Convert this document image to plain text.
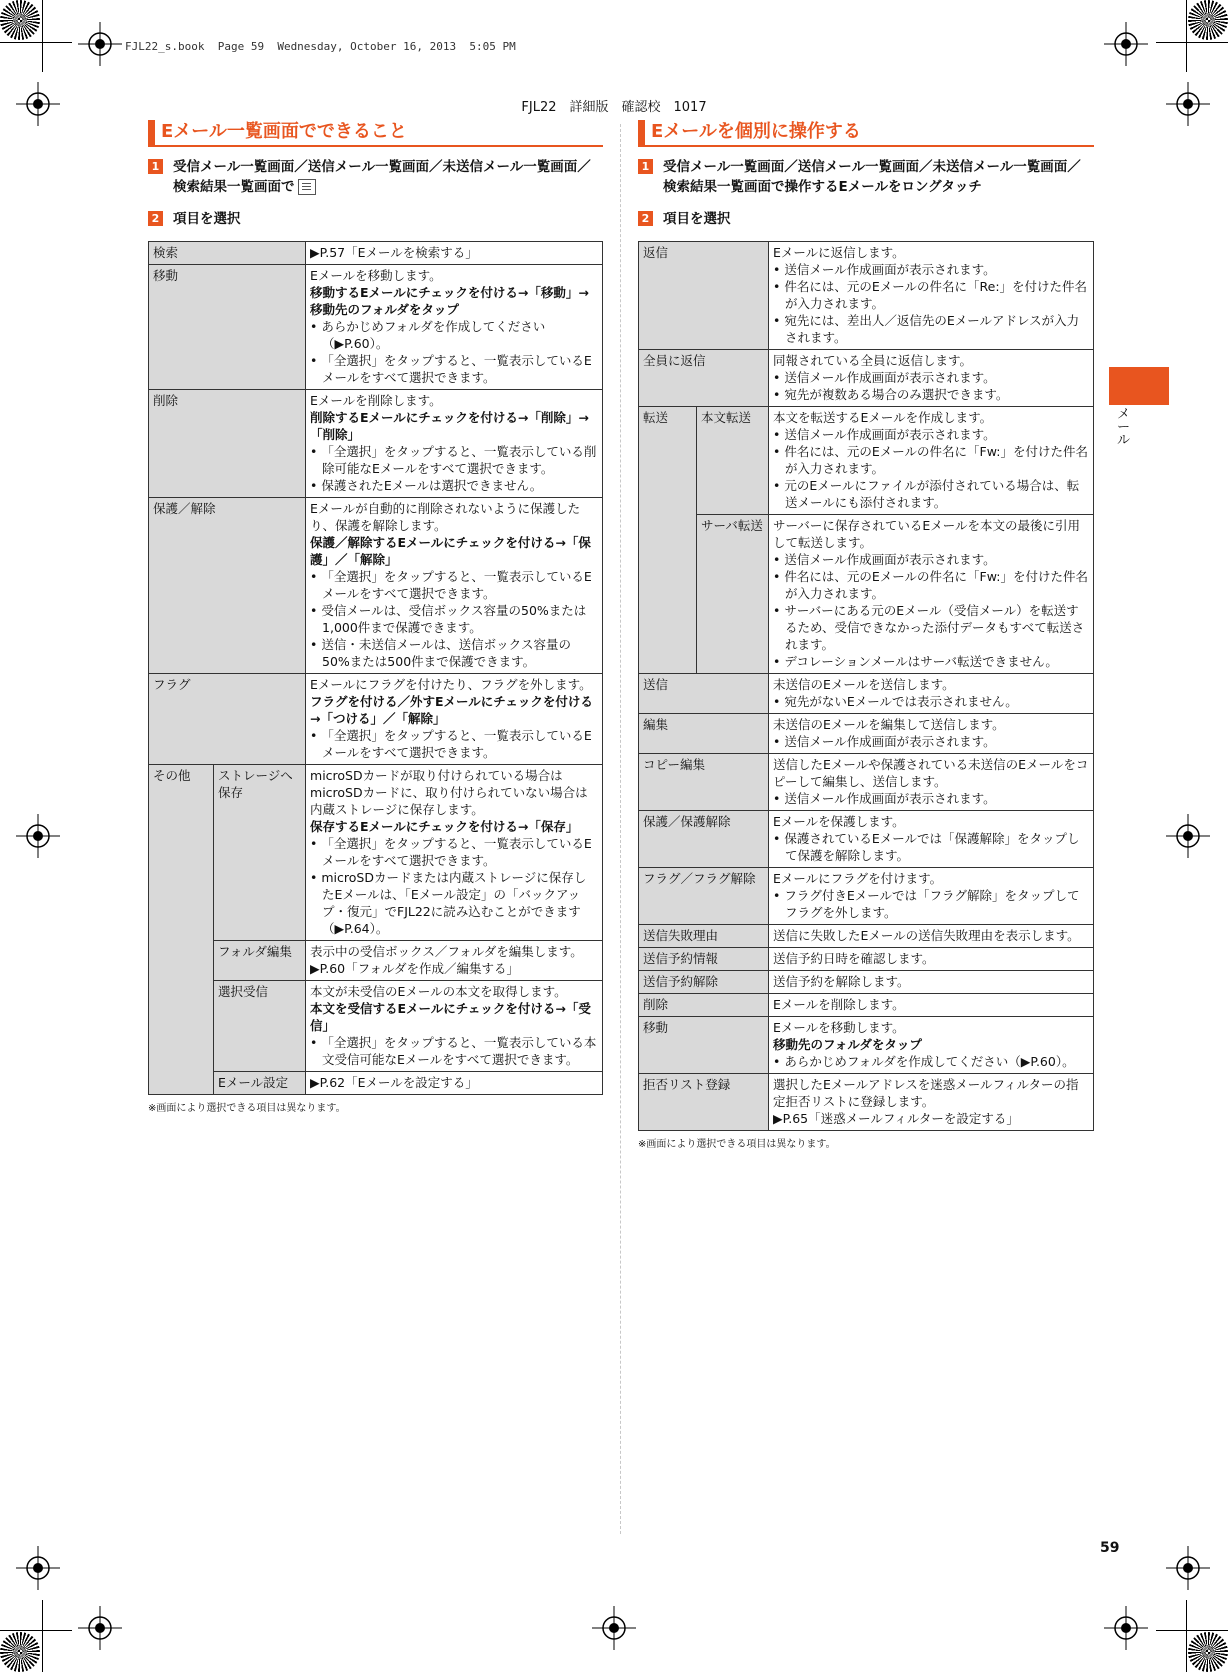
FJL22_s.book  Page 59  Wednesday, October 16, 2013  5:05 PM
FJL22　詳細版　確認校　1017
Eメール一覧画面でできること
1 受信メール一覧画面／送信メール一覧画面／未送信メール一覧画面／検索結果一覧画面で
2 項目を選択
検索		▶P.57「Eメールを検索する」
移動		Eメールを移動します。
移動するEメールにチェックを付ける→「移動」→移動先のフォルダをタップ
• あらかじめフォルダを作成してください（▶P.60）。
• 「全選択」をタップすると、一覧表示しているEメールをすべて選択できます。

削除		Eメールを削除します。
削除するEメールにチェックを付ける→「削除」→「削除」
• 「全選択」をタップすると、一覧表示している削除可能なEメールをすべて選択できます。
• 保護されたEメールは選択できません。

保護／解除		Eメールが自動的に削除されないように保護したり、保護を解除します。
保護／解除するEメールにチェックを付ける→「保護」／「解除」
• 「全選択」をタップすると、一覧表示しているEメールをすべて選択できます。
• 受信メールは、受信ボックス容量の50%または1,000件まで保護できます。
• 送信・未送信メールは、送信ボックス容量の50%または500件まで保護できます。

フラグ		Eメールにフラグを付けたり、フラグを外します。
フラグを付ける／外すEメールにチェックを付ける→「つける」／「解除」
• 「全選択」をタップすると、一覧表示しているEメールをすべて選択できます。

その他	ストレージへ保存	microSDカードが取り付けられている場合はmicroSDカードに、取り付けられていない場合は内蔵ストレージに保存します。
保存するEメールにチェックを付ける→「保存」
• 「全選択」をタップすると、一覧表示しているEメールをすべて選択できます。
• microSDカードまたは内蔵ストレージに保存したEメールは、「Eメール設定」の「バックアップ・復元」でFJL22に読み込むことができます（▶P.64）。

	フォルダ編集	表示中の受信ボックス／フォルダを編集します。
▶P.60「フォルダを作成／編集する」

	選択受信	本文が未受信のEメールの本文を取得します。
本文を受信するEメールにチェックを付ける→「受信」
• 「全選択」をタップすると、一覧表示している本文受信可能なEメールをすべて選択できます。

	Eメール設定	▶P.62「Eメールを設定する」
※画面により選択できる項目は異なります。
Eメールを個別に操作する
1 受信メール一覧画面／送信メール一覧画面／未送信メール一覧画面／検索結果一覧画面で操作するEメールをロングタッチ
2 項目を選択
返信		Eメールに返信します。
• 送信メール作成画面が表示されます。
• 件名には、元のEメールの件名に「Re:」を付けた件名が入力されます。
• 宛先には、差出人／返信先のEメールアドレスが入力されます。

全員に返信		同報されている全員に返信します。
• 送信メール作成画面が表示されます。
• 宛先が複数ある場合のみ選択できます。

転送	本文転送	本文を転送するEメールを作成します。
• 送信メール作成画面が表示されます。
• 件名には、元のEメールの件名に「Fw:」を付けた件名が入力されます。
• 元のEメールにファイルが添付されている場合は、転送メールにも添付されます。

	サーバ転送	サーバーに保存されているEメールを本文の最後に引用して転送します。
• 送信メール作成画面が表示されます。
• 件名には、元のEメールの件名に「Fw:」を付けた件名が入力されます。
• サーバーにある元のEメール（受信メール）を転送するため、受信できなかった添付データもすべて転送されます。
• デコレーションメールはサーバ転送できません。

送信		未送信のEメールを送信します。
• 宛先がないEメールでは表示されません。

編集		未送信のEメールを編集して送信します。
• 送信メール作成画面が表示されます。

コピー編集		送信したEメールや保護されている未送信のEメールをコピーして編集し、送信します。
• 送信メール作成画面が表示されます。

保護／保護解除		Eメールを保護します。
• 保護されているEメールでは「保護解除」をタップして保護を解除します。

フラグ／フラグ解除		Eメールにフラグを付けます。
• フラグ付きEメールでは「フラグ解除」をタップしてフラグを外します。

送信失敗理由		送信に失敗したEメールの送信失敗理由を表示します。
送信予約情報		送信予約日時を確認します。
送信予約解除		送信予約を解除します。
削除		Eメールを削除します。
移動		Eメールを移動します。
移動先のフォルダをタップ
• あらかじめフォルダを作成してください（▶P.60）。

拒否リスト登録		選択したEメールアドレスを迷惑メールフィルターの指定拒否リストに登録します。
▶P.65「迷惑メールフィルターを設定する」
※画面により選択できる項目は異なります。
メール
59
